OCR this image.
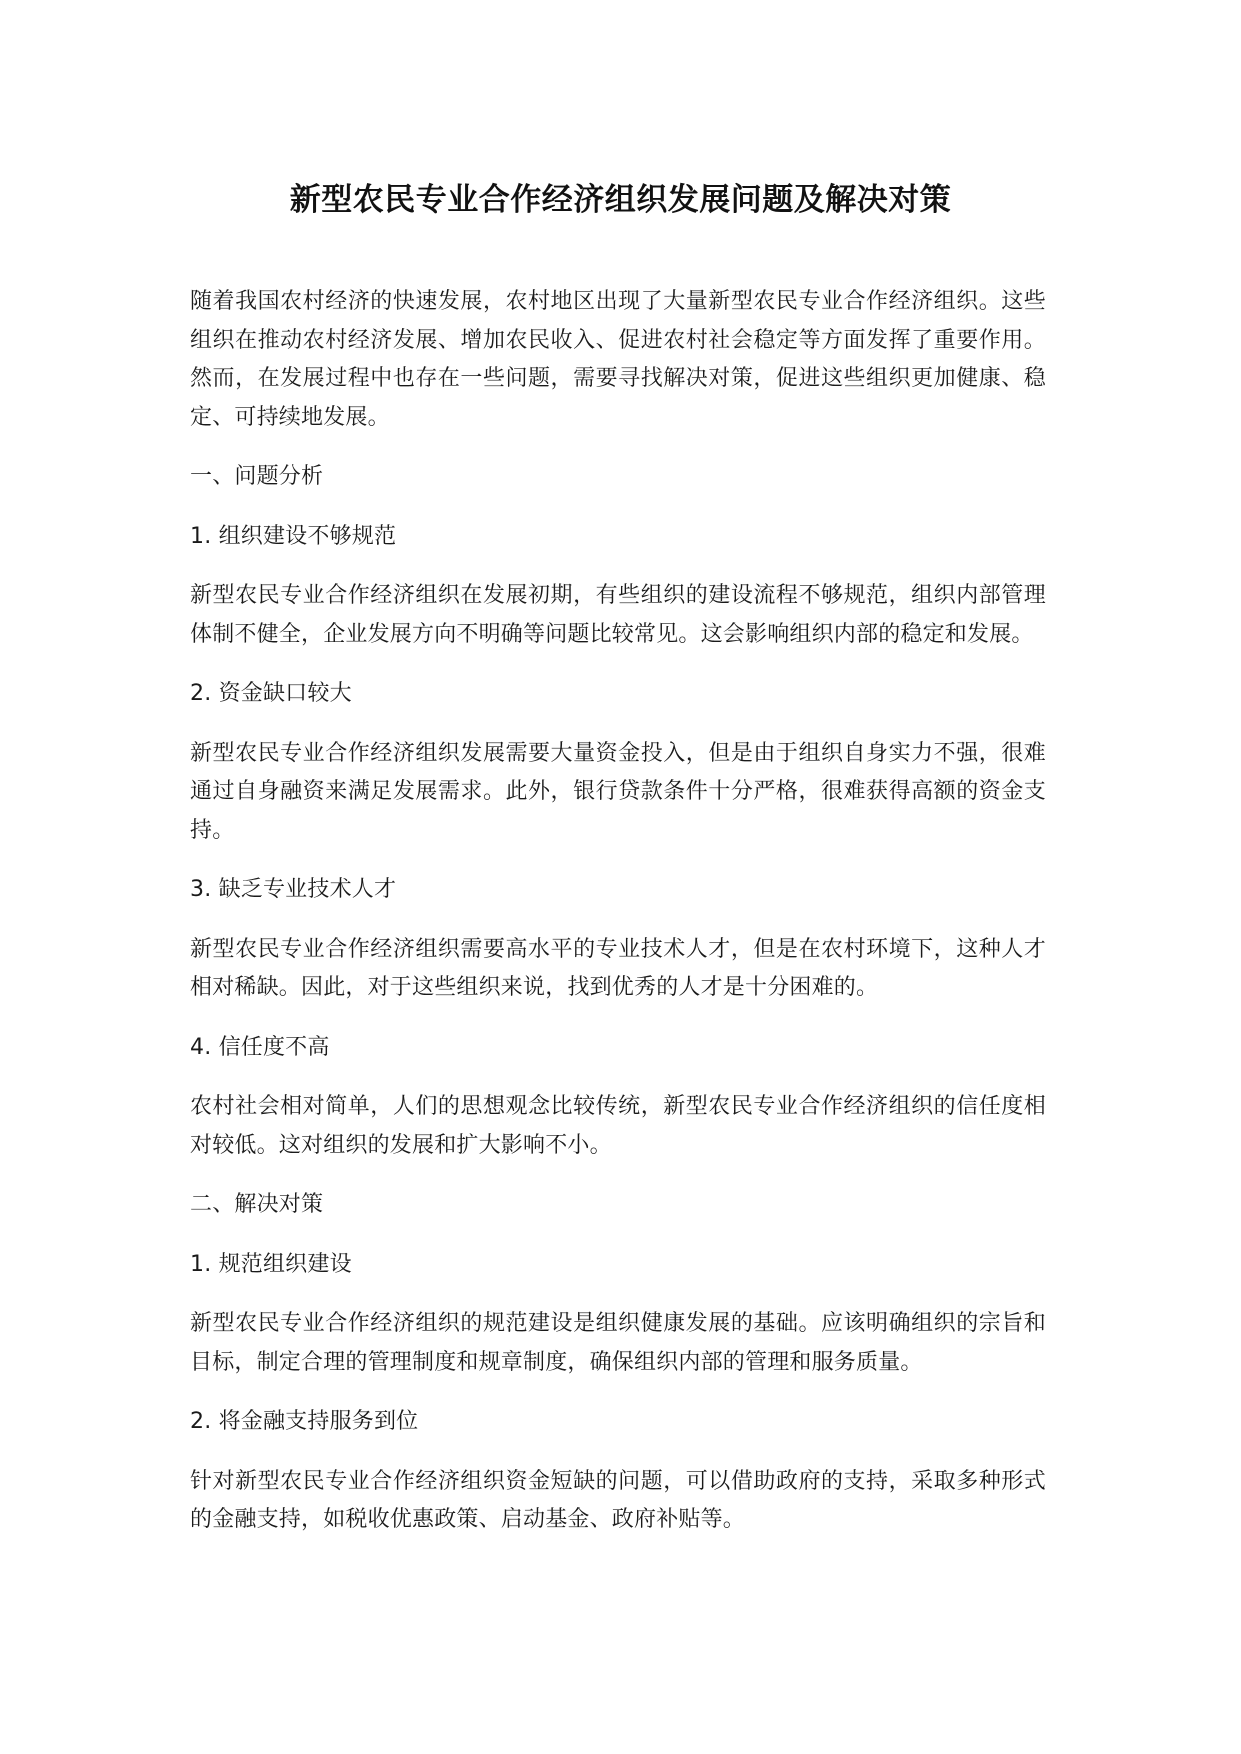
新型农民专业合作经济组织发展问题及解决对策

随着我国农村经济的快速发展，农村地区出现了大量新型农民专业合作经济组织。这些组织在推动农村经济发展、增加农民收入、促进农村社会稳定等方面发挥了重要作用。然而，在发展过程中也存在一些问题，需要寻找解决对策，促进这些组织更加健康、稳定、可持续地发展。

一、问题分析
1. 组织建设不够规范

新型农民专业合作经济组织在发展初期，有些组织的建设流程不够规范，组织内部管理体制不健全，企业发展方向不明确等问题比较常见。这会影响组织内部的稳定和发展。

2. 资金缺口较大

新型农民专业合作经济组织发展需要大量资金投入，但是由于组织自身实力不强，很难通过自身融资来满足发展需求。此外，银行贷款条件十分严格，很难获得高额的资金支持。

3. 缺乏专业技术人才

新型农民专业合作经济组织需要高水平的专业技术人才，但是在农村环境下，这种人才相对稀缺。因此，对于这些组织来说，找到优秀的人才是十分困难的。

4. 信任度不高

农村社会相对简单，人们的思想观念比较传统，新型农民专业合作经济组织的信任度相对较低。这对组织的发展和扩大影响不小。

二、解决对策
1. 规范组织建设

新型农民专业合作经济组织的规范建设是组织健康发展的基础。应该明确组织的宗旨和目标，制定合理的管理制度和规章制度，确保组织内部的管理和服务质量。

2. 将金融支持服务到位

针对新型农民专业合作经济组织资金短缺的问题，可以借助政府的支持，采取多种形式的金融支持，如税收优惠政策、启动基金、政府补贴等。
